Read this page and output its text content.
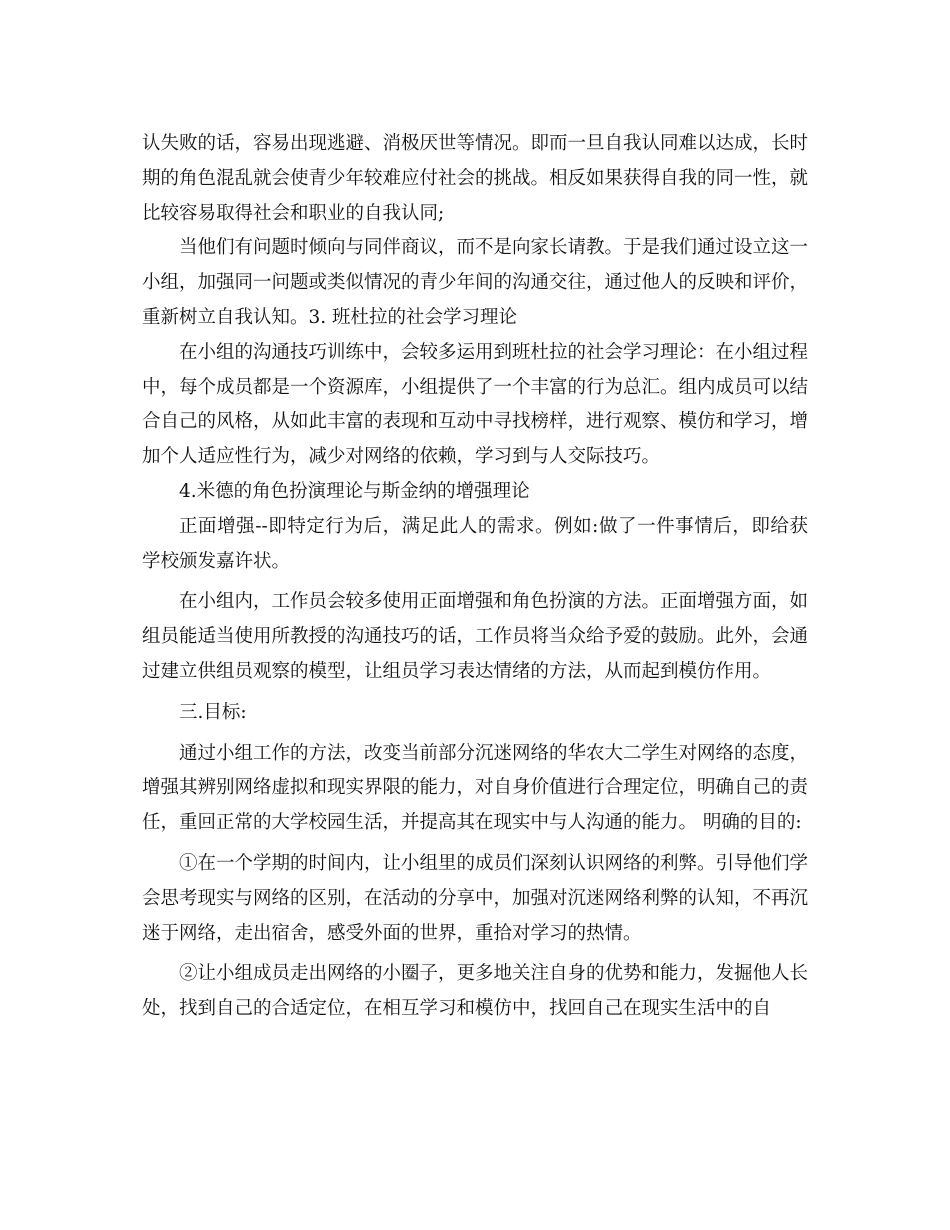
认失败的话，容易出现逃避、消极厌世等情况。即而一旦自我认同难以达成，长时期的角色混乱就会使青少年较难应付社会的挑战。相反如果获得自我的同一性，就比较容易取得社会和职业的自我认同;

当他们有问题时倾向与同伴商议，而不是向家长请教。于是我们通过设立这一小组，加强同一问题或类似情况的青少年间的沟通交往，通过他人的反映和评价，重新树立自我认知。3. 班杜拉的社会学习理论

在小组的沟通技巧训练中，会较多运用到班杜拉的社会学习理论：在小组过程中，每个成员都是一个资源库，小组提供了一个丰富的行为总汇。组内成员可以结合自己的风格，从如此丰富的表现和互动中寻找榜样，进行观察、模仿和学习，增加个人适应性行为，减少对网络的依赖，学习到与人交际技巧。

4.米德的角色扮演理论与斯金纳的增强理论

正面增强--即特定行为后，满足此人的需求。例如:做了一件事情后，即给获学校颁发嘉许状。

在小组内，工作员会较多使用正面增强和角色扮演的方法。正面增强方面，如组员能适当使用所教授的沟通技巧的话，工作员将当众给予爱的鼓励。此外，会通过建立供组员观察的模型，让组员学习表达情绪的方法，从而起到模仿作用。

三.目标:

通过小组工作的方法，改变当前部分沉迷网络的华农大二学生对网络的态度，增强其辨别网络虚拟和现实界限的能力，对自身价值进行合理定位，明确自己的责任，重回正常的大学校园生活，并提高其在现实中与人沟通的能力。 明确的目的:

①在一个学期的时间内，让小组里的成员们深刻认识网络的利弊。引导他们学会思考现实与网络的区别，在活动的分享中，加强对沉迷网络利弊的认知，不再沉迷于网络，走出宿舍，感受外面的世界，重拾对学习的热情。

②让小组成员走出网络的小圈子，更多地关注自身的优势和能力，发掘他人长处，找到自己的合适定位，在相互学习和模仿中，找回自己在现实生活中的自
